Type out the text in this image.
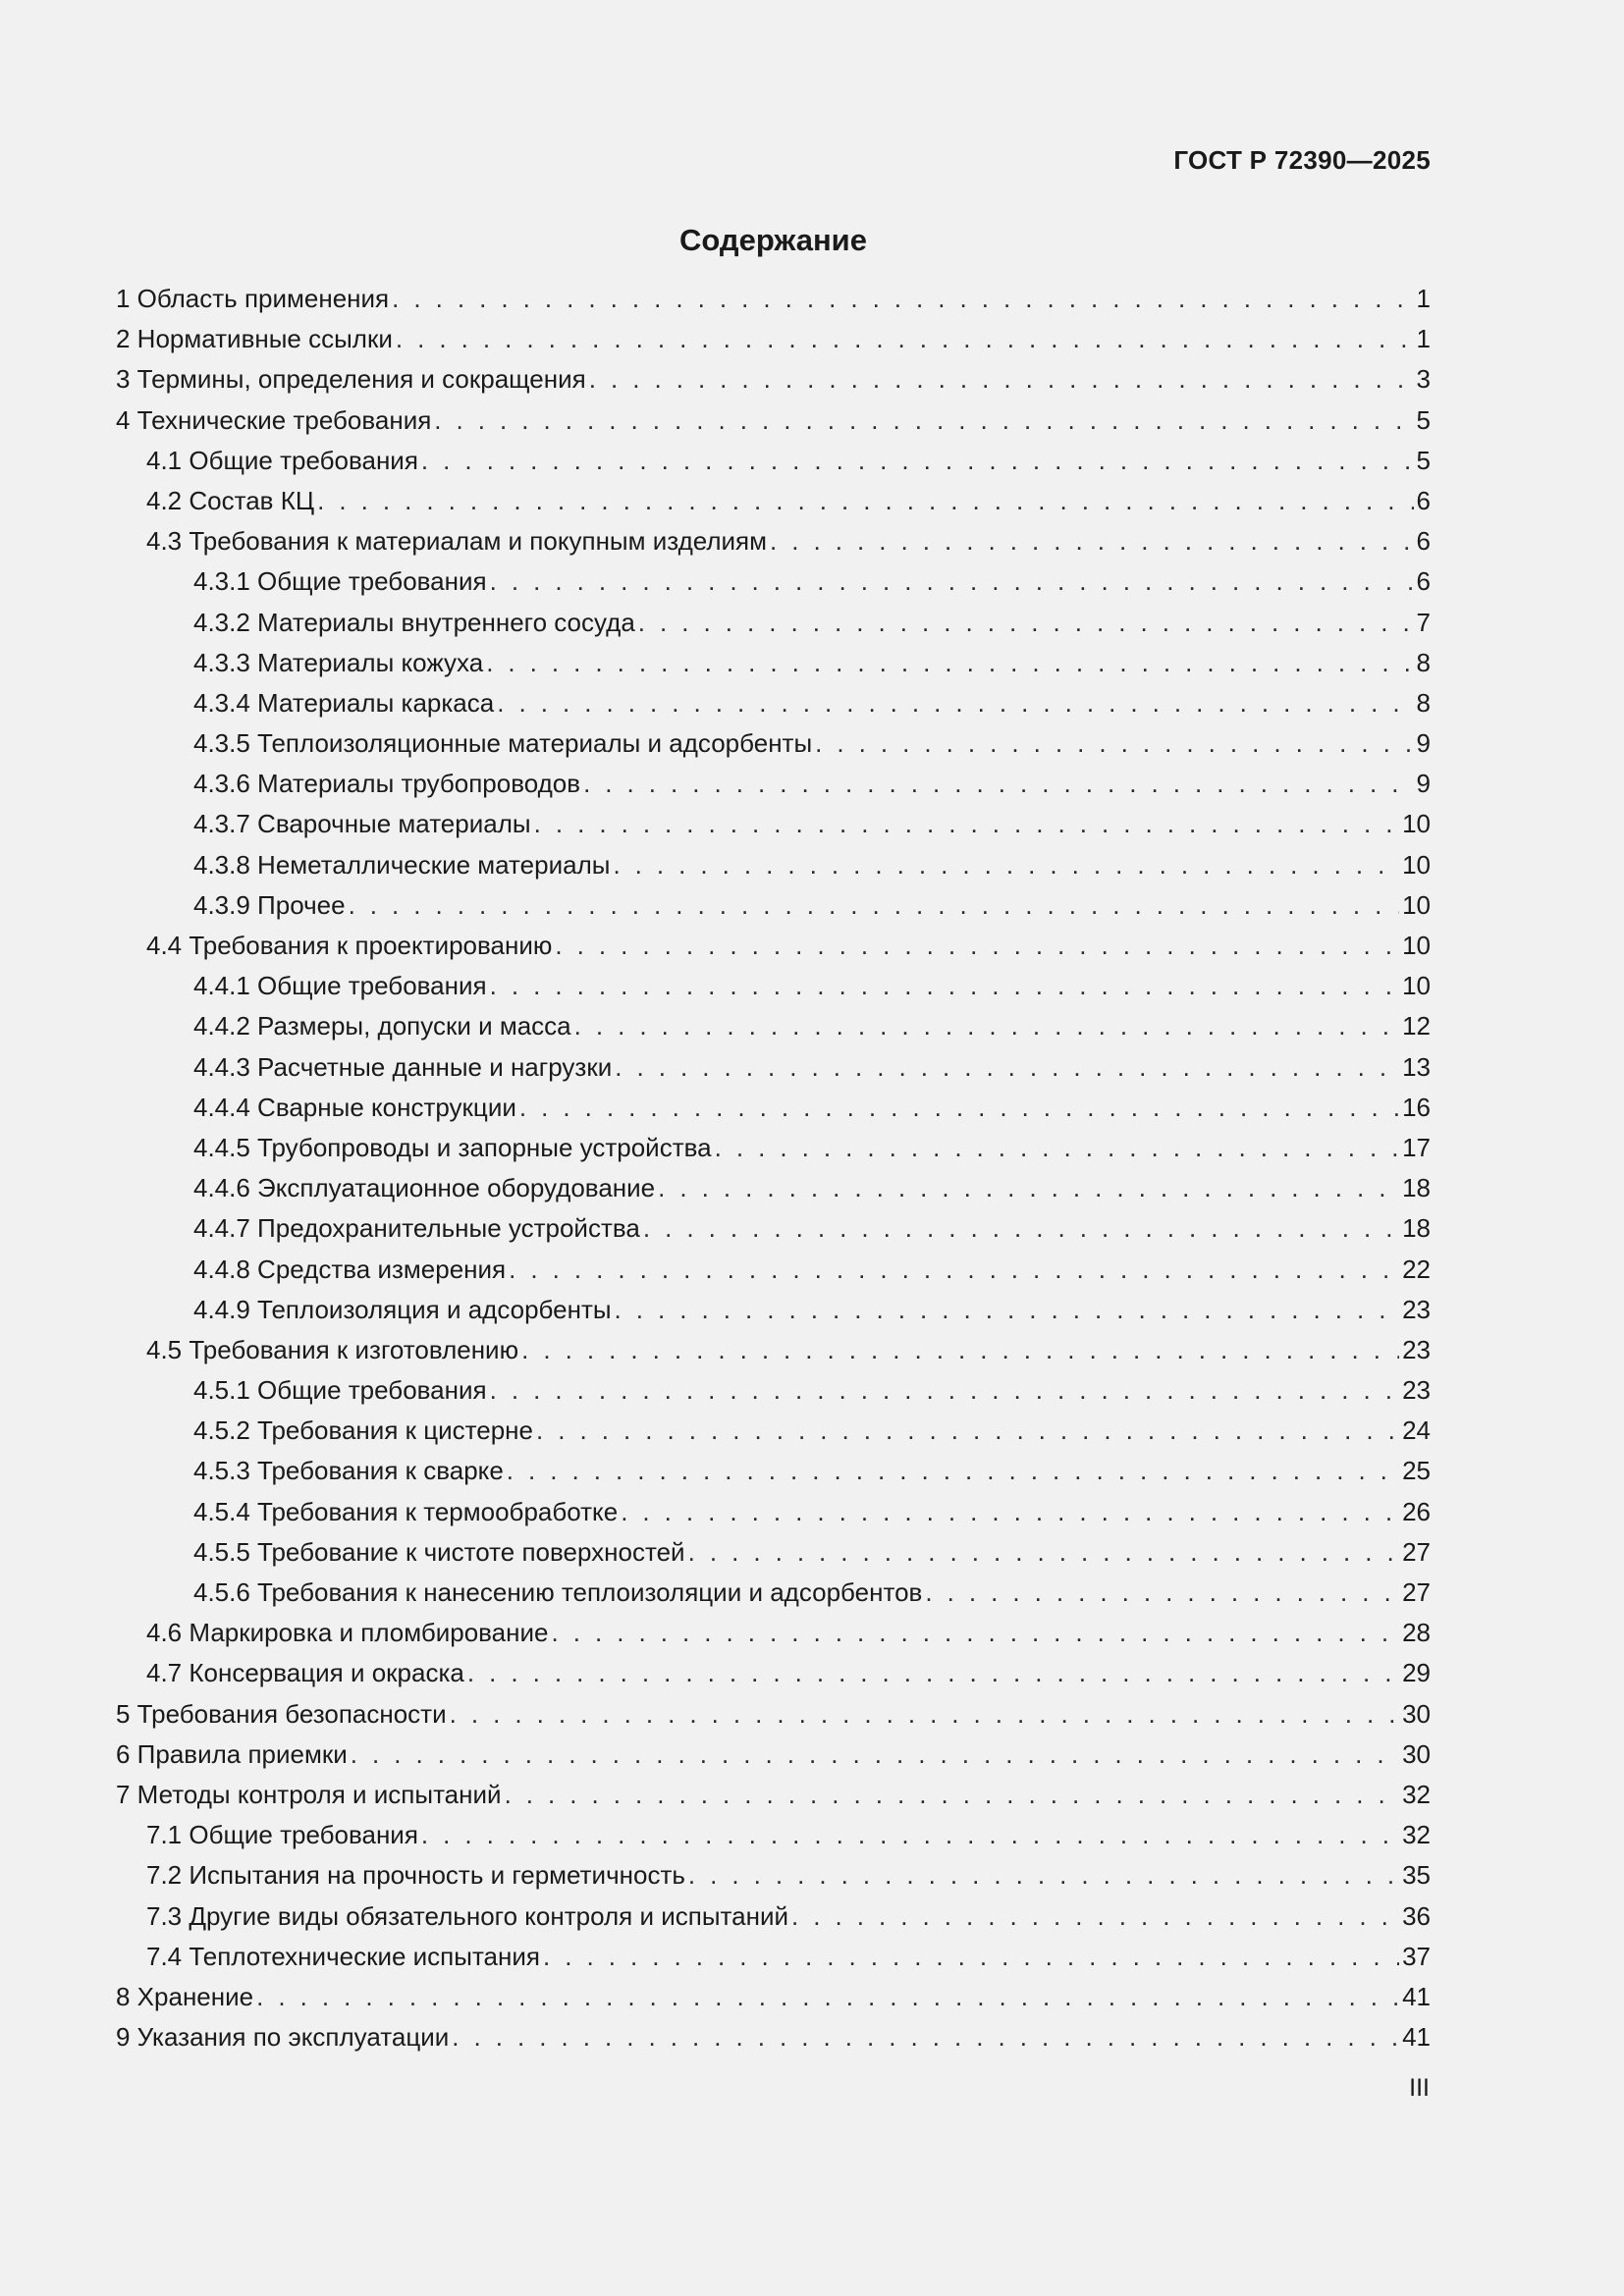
ГОСТ Р 72390—2025
Содержание
1 Область применения . . .	1
2 Нормативные ссылки . . .	1
3 Термины, определения и сокращения . . .	3
4 Технические требования . . .	5
4.1 Общие требования . . .	5
4.2 Состав КЦ . . .	6
4.3 Требования к материалам и покупным изделиям . . .	6
4.3.1 Общие требования . . .	6
4.3.2 Материалы внутреннего сосуда . . .	7
4.3.3 Материалы кожуха . . .	8
4.3.4 Материалы каркаса . . .	8
4.3.5 Теплоизоляционные материалы и адсорбенты . . .	9
4.3.6 Материалы трубопроводов . . .	9
4.3.7 Сварочные материалы . . .	10
4.3.8 Неметаллические материалы . . .	10
4.3.9 Прочее . . .	10
4.4 Требования к проектированию . . .	10
4.4.1 Общие требования . . .	10
4.4.2 Размеры, допуски и масса . . .	12
4.4.3 Расчетные данные и нагрузки . . .	13
4.4.4 Сварные конструкции . . .	16
4.4.5 Трубопроводы и запорные устройства . . .	17
4.4.6 Эксплуатационное оборудование . . .	18
4.4.7 Предохранительные устройства . . .	18
4.4.8 Средства измерения . . .	22
4.4.9 Теплоизоляция и адсорбенты . . .	23
4.5 Требования к изготовлению . . .	23
4.5.1 Общие требования . . .	23
4.5.2 Требования к цистерне . . .	24
4.5.3 Требования к сварке . . .	25
4.5.4 Требования к термообработке . . .	26
4.5.5 Требование к чистоте поверхностей . . .	27
4.5.6 Требования к нанесению теплоизоляции и адсорбентов . . .	27
4.6 Маркировка и пломбирование . . .	28
4.7 Консервация и окраска . . .	29
5 Требования безопасности . . .	30
6 Правила приемки . . .	30
7 Методы контроля и испытаний . . .	32
7.1 Общие требования . . .	32
7.2 Испытания на прочность и герметичность . . .	35
7.3 Другие виды обязательного контроля и испытаний . . .	36
7.4 Теплотехнические испытания . . .	37
8 Хранение . . .	41
9 Указания по эксплуатации . . .	41
III
